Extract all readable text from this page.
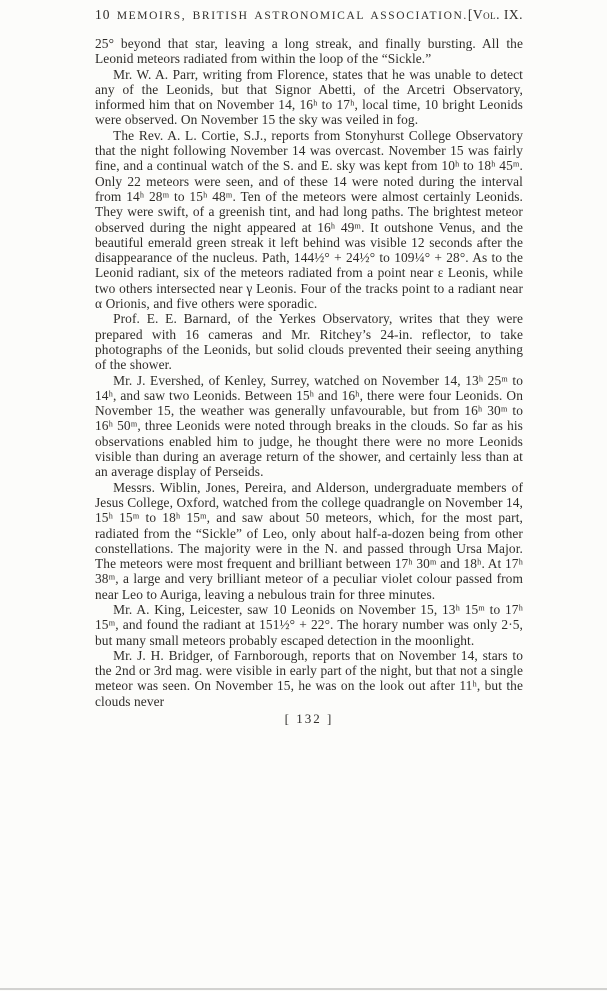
10 MEMOIRS, BRITISH ASTRONOMICAL ASSOCIATION. [Vol. IX.

25° beyond that star, leaving a long streak, and finally bursting. All the Leonid meteors radiated from within the loop of the “Sickle.”

Mr. W. A. Parr, writing from Florence, states that he was unable to detect any of the Leonids, but that Signor Abetti, of the Arcetri Observatory, informed him that on November 14, 16ʰ to 17ʰ, local time, 10 bright Leonids were observed. On November 15 the sky was veiled in fog.

The Rev. A. L. Cortie, S.J., reports from Stonyhurst College Observatory that the night following November 14 was overcast. November 15 was fairly fine, and a continual watch of the S. and E. sky was kept from 10ʰ to 18ʰ 45ᵐ. Only 22 meteors were seen, and of these 14 were noted during the interval from 14ʰ 28ᵐ to 15ʰ 48ᵐ. Ten of the meteors were almost certainly Leonids. They were swift, of a greenish tint, and had long paths. The brightest meteor observed during the night appeared at 16ʰ 49ᵐ. It outshone Venus, and the beautiful emerald green streak it left behind was visible 12 seconds after the disappearance of the nucleus. Path, 144½° + 24½° to 109¼° + 28°. As to the Leonid radiant, six of the meteors radiated from a point near ε Leonis, while two others intersected near γ Leonis. Four of the tracks point to a radiant near α Orionis, and five others were sporadic.

Prof. E. E. Barnard, of the Yerkes Observatory, writes that they were prepared with 16 cameras and Mr. Ritchey’s 24-in. reflector, to take photographs of the Leonids, but solid clouds prevented their seeing anything of the shower.

Mr. J. Evershed, of Kenley, Surrey, watched on November 14, 13ʰ 25ᵐ to 14ʰ, and saw two Leonids. Between 15ʰ and 16ʰ, there were four Leonids. On November 15, the weather was generally unfavourable, but from 16ʰ 30ᵐ to 16ʰ 50ᵐ, three Leonids were noted through breaks in the clouds. So far as his observations enabled him to judge, he thought there were no more Leonids visible than during an average return of the shower, and certainly less than at an average display of Perseids.

Messrs. Wiblin, Jones, Pereira, and Alderson, undergraduate members of Jesus College, Oxford, watched from the college quadrangle on November 14, 15ʰ 15ᵐ to 18ʰ 15ᵐ, and saw about 50 meteors, which, for the most part, radiated from the “Sickle” of Leo, only about half-a-dozen being from other constellations. The majority were in the N. and passed through Ursa Major. The meteors were most frequent and brilliant between 17ʰ 30ᵐ and 18ʰ. At 17ʰ 38ᵐ, a large and very brilliant meteor of a peculiar violet colour passed from near Leo to Auriga, leaving a nebulous train for three minutes.

Mr. A. King, Leicester, saw 10 Leonids on November 15, 13ʰ 15ᵐ to 17ʰ 15ᵐ, and found the radiant at 151½° + 22°. The horary number was only 2·5, but many small meteors probably escaped detection in the moonlight.

Mr. J. H. Bridger, of Farnborough, reports that on November 14, stars to the 2nd or 3rd mag. were visible in early part of the night, but that not a single meteor was seen. On November 15, he was on the look out after 11ʰ, but the clouds never

[ 132 ]
